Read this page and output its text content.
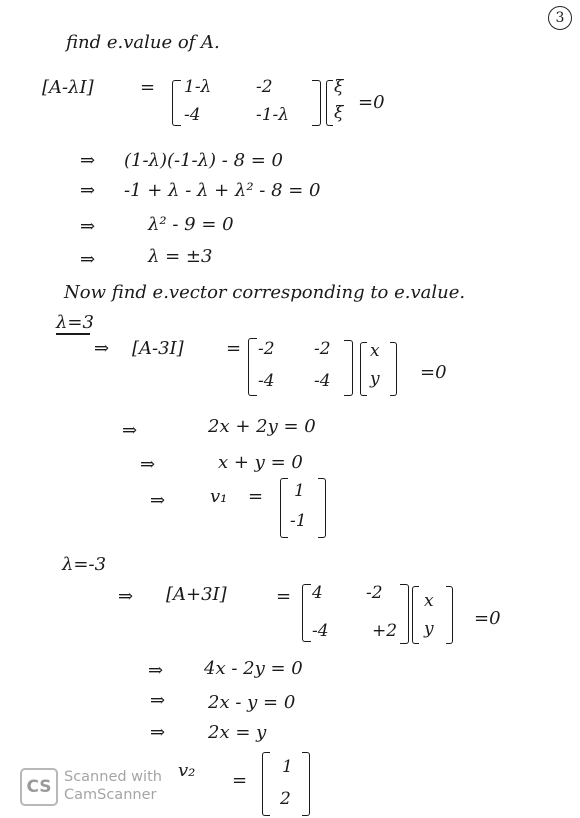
3
find e.value of A.
[A-λI]	= 1-λ	-2
-4	-1-λ
ξ
ξ =0
⇒ (1-λ)(-1-λ) - 8 = 0
⇒ -1 + λ - λ + λ² - 8 = 0
⇒	λ² - 9 = 0
⇒	λ = ±3
Now find e.vector corresponding to e.value.
λ=3
⇒ [A-3I] = -2 -2
-4 -4
x
y =0
⇒	2x + 2y = 0
⇒	x + y = 0
⇒ v₁ = 1
-1
λ=-3
⇒ [A+3I]	= 4	-2
-4	+2
x
y =0
⇒ 4x - 2y = 0
⇒ 2x - y = 0
⇒ 2x = y
v₂ =
1
2
CS Scanned with
CamScanner
